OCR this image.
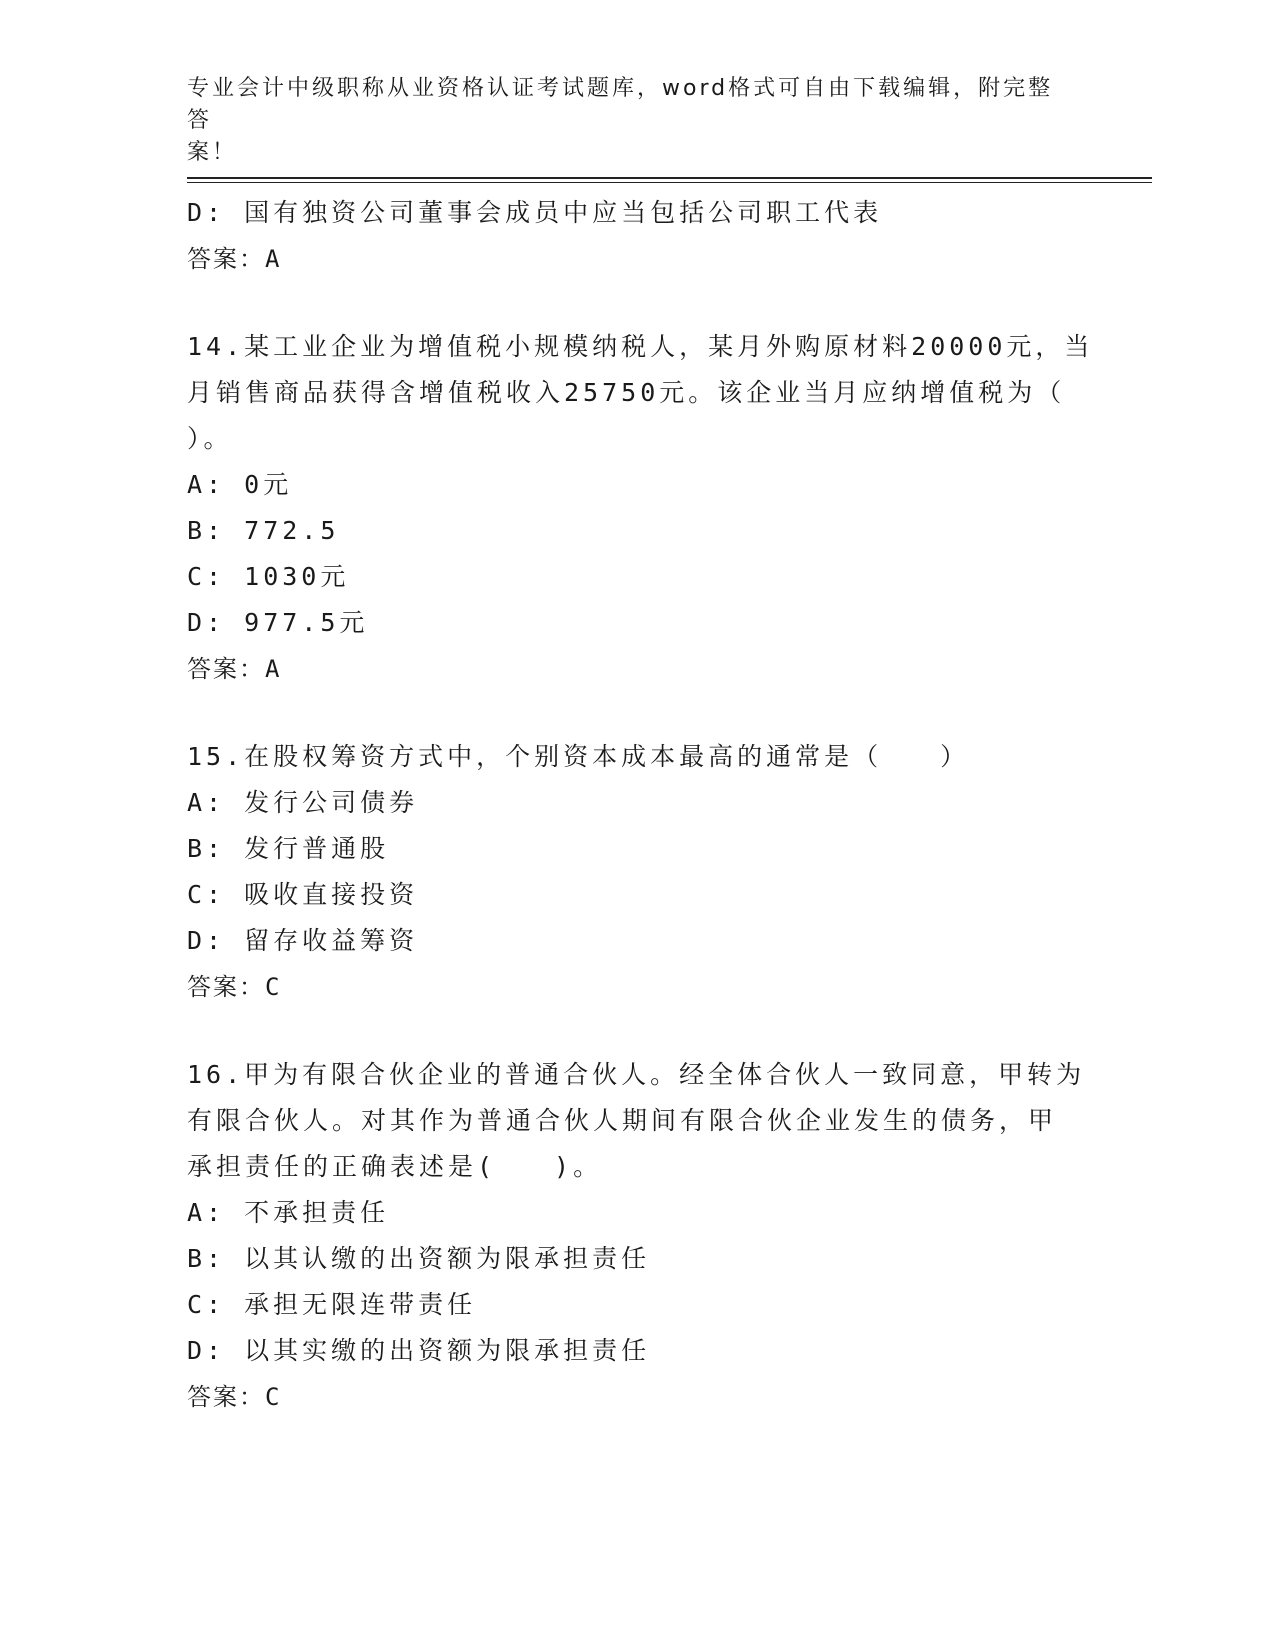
专业会计中级职称从业资格认证考试题库，word格式可自由下载编辑，附完整答
案！
D: 国有独资公司董事会成员中应当包括公司职工代表
答案：A
14.某工业企业为增值税小规模纳税人，某月外购原材料20000元，当
月销售商品获得含增值税收入25750元。该企业当月应纳增值税为（
）。
A: 0元
B: 772.5
C: 1030元
D: 977.5元
答案：A
15.在股权筹资方式中，个别资本成本最高的通常是（　　）
A: 发行公司债券
B: 发行普通股
C: 吸收直接投资
D: 留存收益筹资
答案：C
16.甲为有限合伙企业的普通合伙人。经全体合伙人一致同意，甲转为
有限合伙人。对其作为普通合伙人期间有限合伙企业发生的债务，甲
承担责任的正确表述是(　　)。
A: 不承担责任
B: 以其认缴的出资额为限承担责任
C: 承担无限连带责任
D: 以其实缴的出资额为限承担责任
答案：C
